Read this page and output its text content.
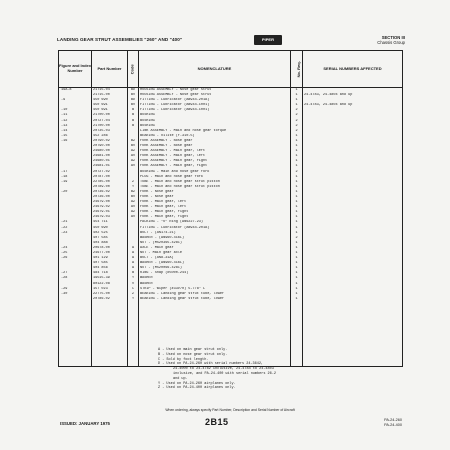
LANDING GEAR STRUT ASSEMBLIES "260" AND "400"	PIPER	SECTION III
Chassis Group
Figure and Index Number	Part Number	Code	NOMENCLATURE	No. Req.	SERIAL NUMBERS AFFECTED
19A-8	21715-04	BD	HOUSING ASSEMBLY - Nose gear strut	1	
	21715-00	BV	HOUSING ASSEMBLY - Nose gear strut	1	24-4783, 24-4804 and up
-9	450 690	BD	FITTING - Lubricator (AN944-201A)	1	
	450 691	BV	FITTING - Lubricator (AN944-1001)	1	24-4783, 24-4804 and up
-10	450 691	B	FITTING - Lubricator (AN944-1001)	2	
-11	21700-00	B	BUSHING	2	
-12	20727-04	B	BUSHING	2	
-13	21700-00	B	BUSHING	2	
-14	20735-03		LINK ASSEMBLY - Main and nose gear torque	2	
-15	452 286		BEARING - Oilite (F-310-5)	1	
-16	20790-02	BZ	FORK ASSEMBLY - Nose gear	1	
	20790-00	BV	FORK ASSEMBLY - Nose gear	1	
	24680-00	AZ	FORK ASSEMBLY - Main gear, left	1	
	24681-00	AV	FORK ASSEMBLY - Main gear, left	1	
	24680-01	AZ	FORK ASSEMBLY - Main gear, right	1	
	24681-01	AV	FORK ASSEMBLY - Main gear, right	1	
-17	20727-02		BUSHING - Main and nose gear fork	2	
-18	20787-00		PLUG - Main and nose gear fork	1	
-19	22785-00	Z	TUBE - Main and nose gear strut piston	1	
	20789-00	Y	TUBE - Main and nose gear strut piston	1	
-20	20736-02	BZ	FORK - Nose gear	1	
	20736-00	BV	FORK - Nose gear	1	
	24679-00	AZ	FORK - Main gear, left	1	
	24679-02	AV	FORK - Main gear, left	1	
	24679-01	AZ	FORK - Main gear, right	1	
	24679-03	AV	FORK - Main gear, right	1	
-21	454 711		PACKING - "O" Ring (AN6227-23)	1	
-22	450 690		FITTING - Lubricator (AN944-201A)	1	
-23	402 525		BOLT - (AN174-21)	1	
	407 585		WASHER - (AN960-416L)	2	
	404 888		NUT - (MS20365-428C)	1	
-24	20678-00	A	AXLE - Main gear	1	
-25	24677-00	A	NUT - Main gear axle	1	
-26	401 129	A	BOLT - (AN8-31A)	1	
	407 585	A	WASHER - (AN960-416L)	1	
	404 856	A	NUT - (MS20066-428C)	1	
-27	484 718	B	RING - Snap (#5000-244)	1	
-28	19515-39	Y	WASHER	1	
	80122-08	V	WASHER	1	
-29	157 023	C	STRIP - Wiper (#33V70) 5-7/8" L	1	
-30	22775-00	Z	BEARING - Landing gear strut tube, lower	1	
	20786-02	Y	BEARING - Landing gear strut tube, lower	1	

A - Used on main gear strut only.
B - Used on nose gear strut only.
C - Sold by foot length.
D - Used on PA-24-260 with serial numbers 24-3642,
24-4000 to 24-4782 inclusive, 24-4784 to 24-4803
inclusive, and PA-24-400 with serial numbers 26-2
and up.
Y - Used on PA-24-260 airplanes only.
Z - Used on PA-24-400 airplanes only.
When ordering, always specify Part Number, Description and Serial Number of Aircraft
ISSUED: JANUARY 1975	2B15	PA-24-260
PA-24-400
